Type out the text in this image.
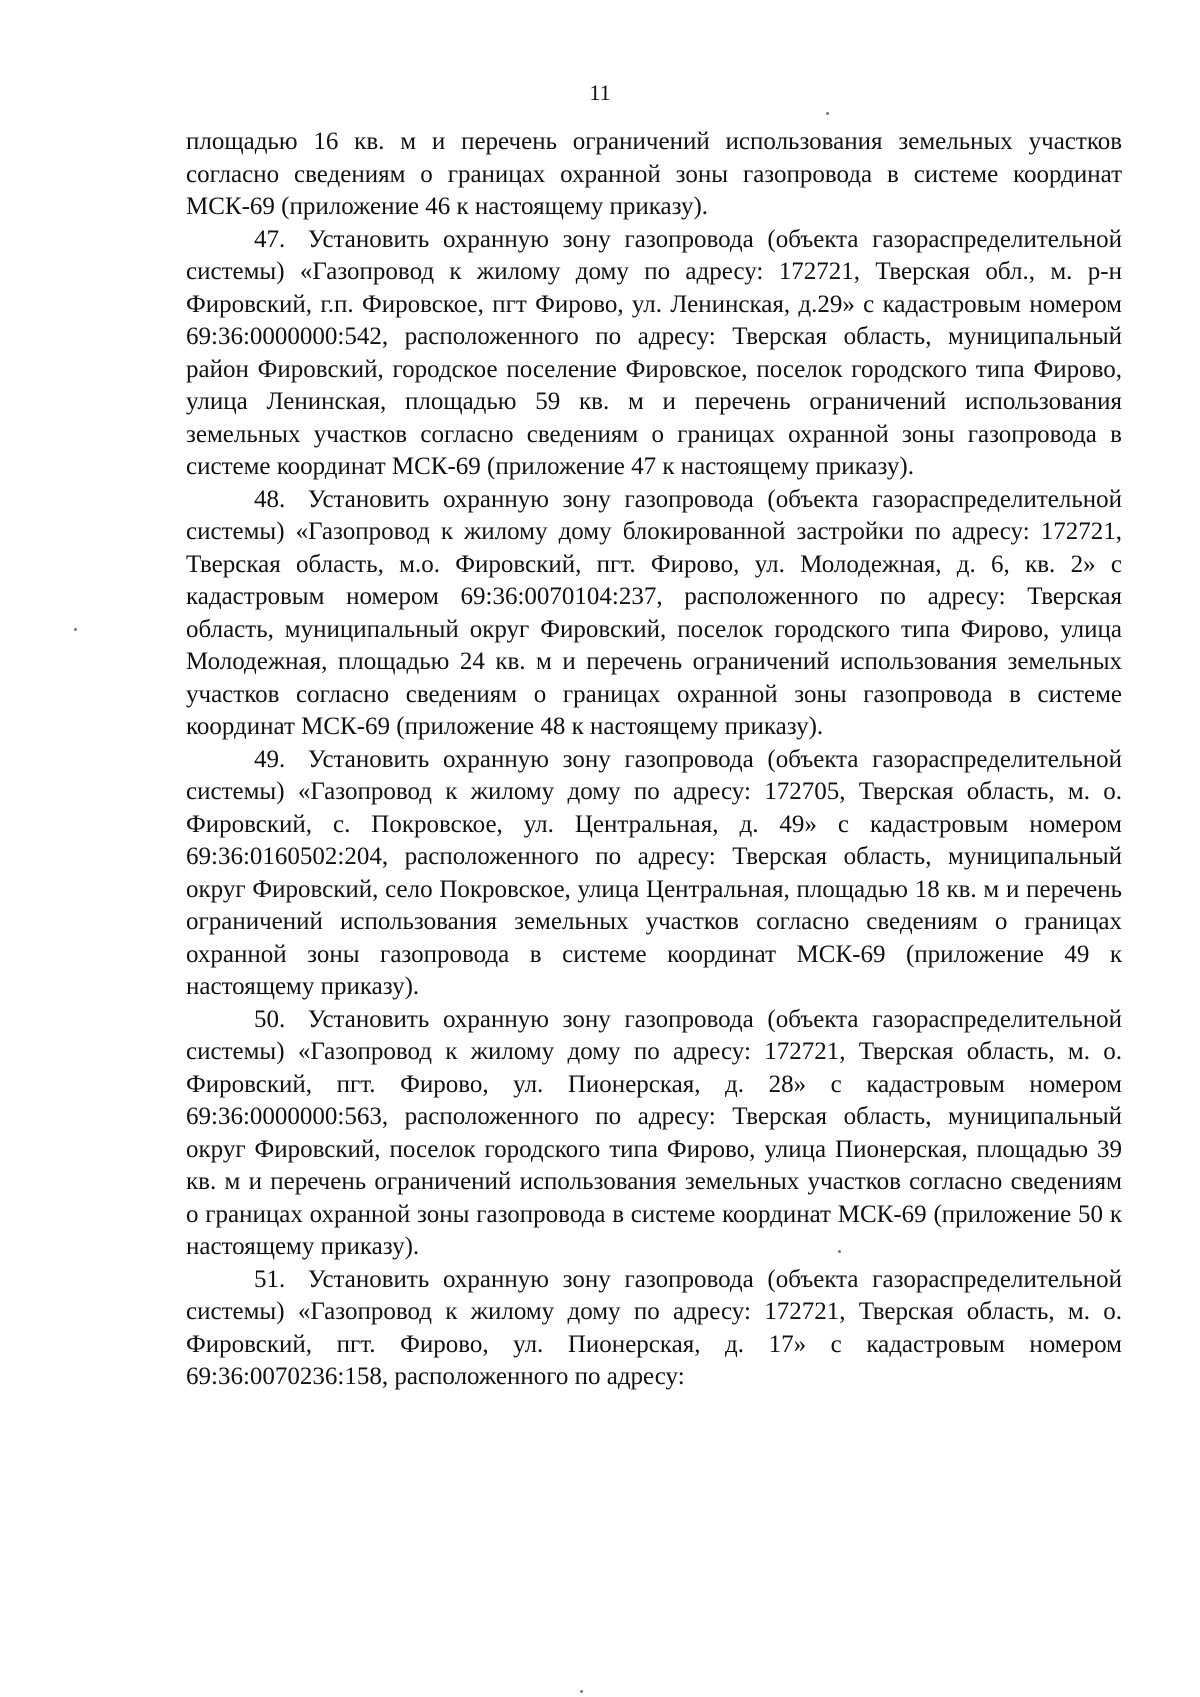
11

площадью 16 кв. м и перечень ограничений использования земельных участков согласно сведениям о границах охранной зоны газопровода в системе координат МСК-69 (приложение 46 к настоящему приказу).

47. Установить охранную зону газопровода (объекта газораспределительной системы) «Газопровод к жилому дому по адресу: 172721, Тверская обл., м. р-н Фировский, г.п. Фировское, пгт Фирово, ул. Ленинская, д.29» с кадастровым номером 69:36:0000000:542, расположенного по адресу: Тверская область, муниципальный район Фировский, городское поселение Фировское, поселок городского типа Фирово, улица Ленинская, площадью 59 кв. м и перечень ограничений использования земельных участков согласно сведениям о границах охранной зоны газопровода в системе координат МСК-69 (приложение 47 к настоящему приказу).

48. Установить охранную зону газопровода (объекта газораспределительной системы) «Газопровод к жилому дому блокированной застройки по адресу: 172721, Тверская область, м.о. Фировский, пгт. Фирово, ул. Молодежная, д. 6, кв. 2» с кадастровым номером 69:36:0070104:237, расположенного по адресу: Тверская область, муниципальный округ Фировский, поселок городского типа Фирово, улица Молодежная, площадью 24 кв. м и перечень ограничений использования земельных участков согласно сведениям о границах охранной зоны газопровода в системе координат МСК-69 (приложение 48 к настоящему приказу).

49. Установить охранную зону газопровода (объекта газораспределительной системы) «Газопровод к жилому дому по адресу: 172705, Тверская область, м. о. Фировский, с. Покровское, ул. Центральная, д. 49» с кадастровым номером 69:36:0160502:204, расположенного по адресу: Тверская область, муниципальный округ Фировский, село Покровское, улица Центральная, площадью 18 кв. м и перечень ограничений использования земельных участков согласно сведениям о границах охранной зоны газопровода в системе координат МСК-69 (приложение 49 к настоящему приказу).

50. Установить охранную зону газопровода (объекта газораспределительной системы) «Газопровод к жилому дому по адресу: 172721, Тверская область, м. о. Фировский, пгт. Фирово, ул. Пионерская, д. 28» с кадастровым номером 69:36:0000000:563, расположенного по адресу: Тверская область, муниципальный округ Фировский, поселок городского типа Фирово, улица Пионерская, площадью 39 кв. м и перечень ограничений использования земельных участков согласно сведениям о границах охранной зоны газопровода в системе координат МСК-69 (приложение 50 к настоящему приказу).

51. Установить охранную зону газопровода (объекта газораспределительной системы) «Газопровод к жилому дому по адресу: 172721, Тверская область, м. о. Фировский, пгт. Фирово, ул. Пионерская, д. 17» с кадастровым номером 69:36:0070236:158, расположенного по адресу:
